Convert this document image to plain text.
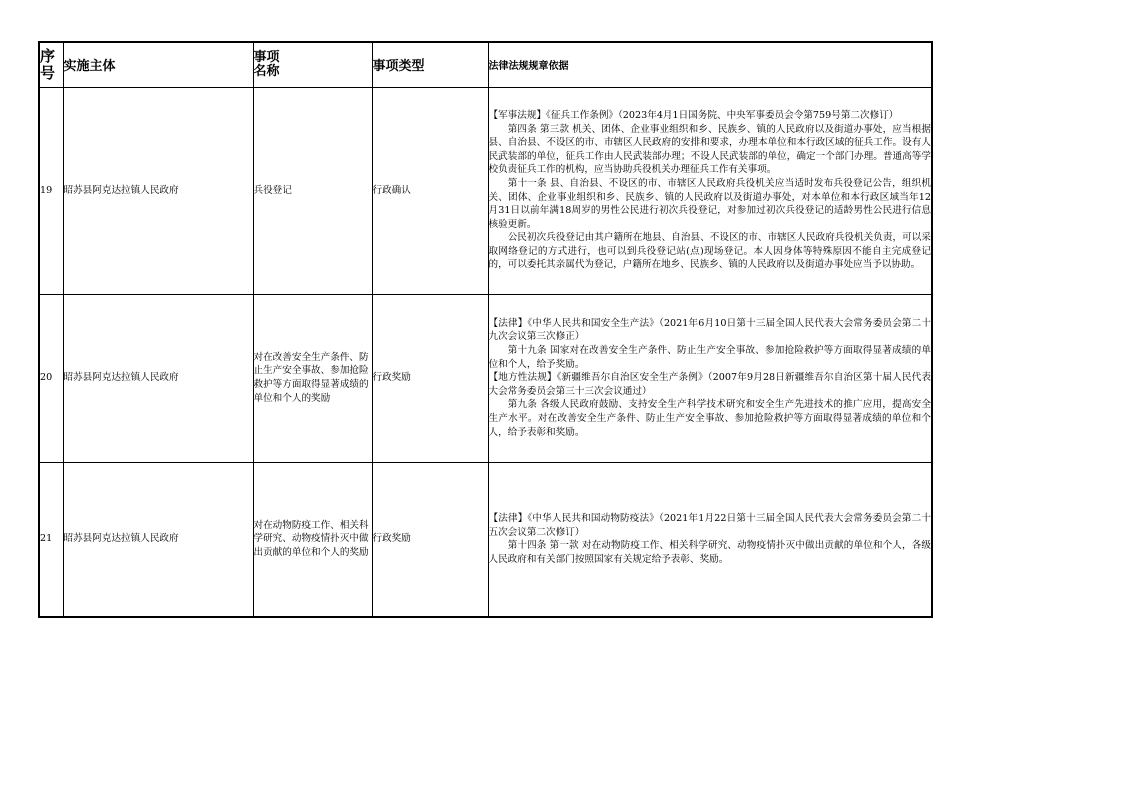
序号	实施主体	事项名称	事项类型	法律法规规章依据
19	昭苏县阿克达拉镇人民政府	兵役登记	行政确认	【军事法规】《征兵工作条例》（2023年4月1日国务院、中央军事委员会令第759号第二次修订）

第四条 第三款 机关、团体、企业事业组织和乡、民族乡、镇的人民政府以及街道办事处，应当根据县、自治县、不设区的市、市辖区人民政府的安排和要求，办理本单位和本行政区域的征兵工作。设有人民武装部的单位，征兵工作由人民武装部办理；不设人民武装部的单位，确定一个部门办理。普通高等学校负责征兵工作的机构，应当协助兵役机关办理征兵工作有关事项。

第十一条 县、自治县、不设区的市、市辖区人民政府兵役机关应当适时发布兵役登记公告，组织机关、团体、企业事业组织和乡、民族乡、镇的人民政府以及街道办事处，对本单位和本行政区域当年12月31日以前年满18周岁的男性公民进行初次兵役登记，对参加过初次兵役登记的适龄男性公民进行信息核验更新。

公民初次兵役登记由其户籍所在地县、自治县、不设区的市、市辖区人民政府兵役机关负责，可以采取网络登记的方式进行，也可以到兵役登记站(点)现场登记。本人因身体等特殊原因不能自主完成登记的，可以委托其亲属代为登记，户籍所在地乡、民族乡、镇的人民政府以及街道办事处应当予以协助。

20	昭苏县阿克达拉镇人民政府	对在改善安全生产条件、防止生产安全事故、参加抢险救护等方面取得显著成绩的单位和个人的奖励	行政奖励	【法律】《中华人民共和国安全生产法》（2021年6月10日第十三届全国人民代表大会常务委员会第二十九次会议第三次修正）

第十九条 国家对在改善安全生产条件、防止生产安全事故、参加抢险救护等方面取得显著成绩的单位和个人，给予奖励。

【地方性法规】《新疆维吾尔自治区安全生产条例》（2007年9月28日新疆维吾尔自治区第十届人民代表大会常务委员会第三十三次会议通过）

第九条 各级人民政府鼓励、支持安全生产科学技术研究和安全生产先进技术的推广应用，提高安全生产水平。对在改善安全生产条件、防止生产安全事故、参加抢险救护等方面取得显著成绩的单位和个人，给予表彰和奖励。

21	昭苏县阿克达拉镇人民政府	对在动物防疫工作、相关科学研究、动物疫情扑灭中做出贡献的单位和个人的奖励	行政奖励	【法律】《中华人民共和国动物防疫法》（2021年1月22日第十三届全国人民代表大会常务委员会第二十五次会议第二次修订）

第十四条 第一款 对在动物防疫工作、相关科学研究、动物疫情扑灭中做出贡献的单位和个人，各级人民政府和有关部门按照国家有关规定给予表彰、奖励。
